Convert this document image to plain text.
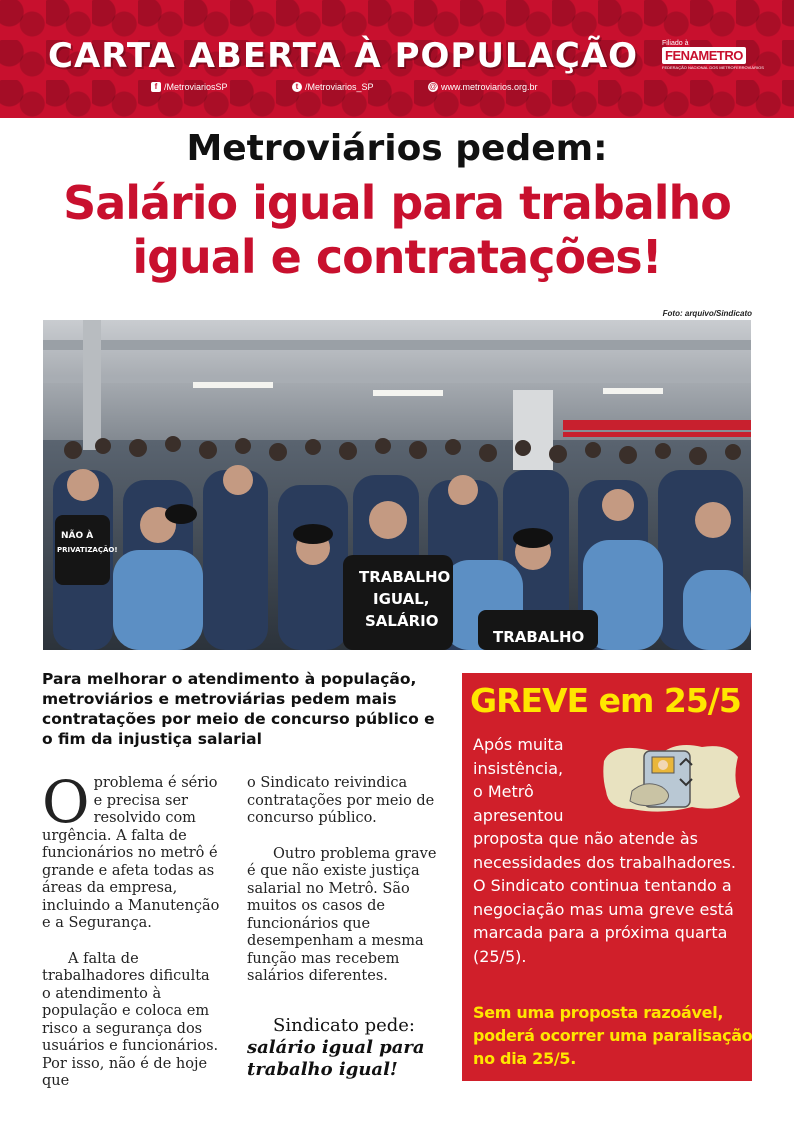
CARTA ABERTA À POPULAÇÃO
f /MetroviariosSP	t /Metroviarios_SP	@ www.metroviarios.org.br
Filiado à
FENAMETRO
FEDERAÇÃO NACIONAL DOS METROFERROVIÁRIOS
Metroviários pedem:
Salário igual para trabalho
igual e contratações!
Foto: arquivo/Sindicato
TRABALHO
IGUAL,
SALÁRIO
TRABALHO
NÃO À
PRIVATIZAÇÃO!
Para melhorar o atendimento à população, metroviários e metroviárias pedem mais contratações por meio de concurso público e o fim da injustiça salarial

Oproblema é sério e precisa ser resolvido com urgência. A falta de funcionários no metrô é grande e afeta todas as áreas da empresa, incluindo a Manutenção e a Segurança.

A falta de trabalhadores dificulta o atendimento à população e coloca em risco a segurança dos usuários e funcionários. Por isso, não é de hoje que

o Sindicato reivindica contratações por meio de concurso público.

Outro problema grave é que não existe justiça salarial no Metrô. São muitos os casos de funcionários que desempenham a mesma função mas recebem salários diferentes.

Sindicato pede:
salário igual para
trabalho igual!
GREVE em 25/5
Após muita
insistência,
o Metrô
apresentou
proposta que não atende às necessidades dos trabalhadores. O Sindicato continua tentando a negociação mas uma greve está marcada para a próxima quarta (25/5).
Sem uma proposta razoável, poderá ocorrer uma paralisação no dia 25/5.
